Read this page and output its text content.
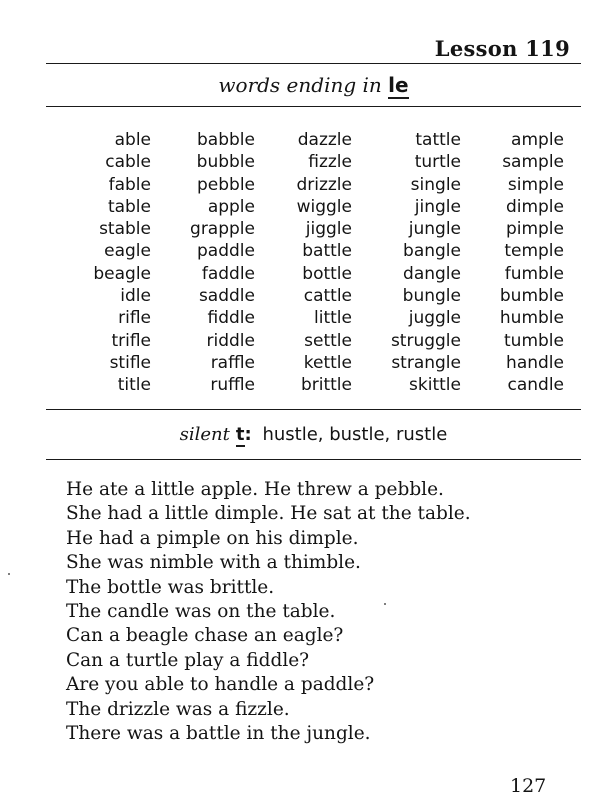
Lesson 119
words ending in le
able
cable
fable
table
stable
eagle
beagle
idle
rifle
trifle
stifle
title
babble
bubble
pebble
apple
grapple
paddle
faddle
saddle
fiddle
riddle
raffle
ruffle
dazzle
fizzle
drizzle
wiggle
jiggle
battle
bottle
cattle
little
settle
kettle
brittle
tattle
turtle
single
jingle
jungle
bangle
dangle
bungle
juggle
struggle
strangle
skittle
ample
sample
simple
dimple
pimple
temple
fumble
bumble
humble
tumble
handle
candle
silent t: hustle, bustle, rustle
He ate a little apple. He threw a pebble.
She had a little dimple. He sat at the table.
He had a pimple on his dimple.
She was nimble with a thimble.
The bottle was brittle.
The candle was on the table.
Can a beagle chase an eagle?
Can a turtle play a fiddle?
Are you able to handle a paddle?
The drizzle was a fizzle.
There was a battle in the jungle.
127
